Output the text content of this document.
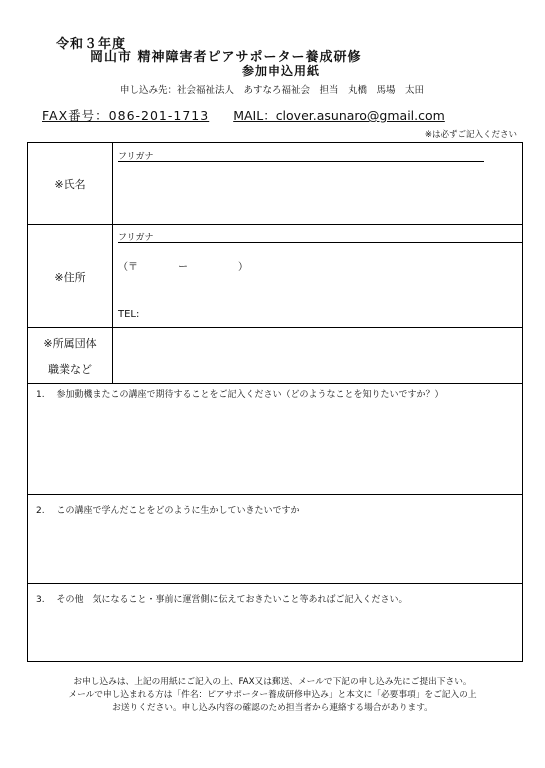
令和３年度
岡山市 精神障害者ピアサポーター養成研修
参加申込用紙
申し込み先：社会福祉法人　あすなろ福祉会　担当　丸橋　馬場　太田
FAX番号：086-201-1713 MAIL：clover.asunaro@gmail.com
※は必ずご記入ください
※氏名
フリガナ
※住所
フリガナ
（〒　　　　ー　　　　　）
TEL:
※所属団体
職業など
1.　 参加動機またこの講座で期待することをご記入ください（どのようなことを知りたいですか？）
2.　 この講座で学んだことをどのように生かしていきたいですか
3.　 その他　気になること・事前に運営側に伝えておきたいこと等あればご記入ください。
お申し込みは、上記の用紙にご記入の上、FAX又は郵送、メールで下記の申し込み先にご提出下さい。
メールで申し込まれる方は「件名：ピアサポーター養成研修申込み」と本文に「必要事項」をご記入の上
お送りください。申し込み内容の確認のため担当者から連絡する場合があります。
